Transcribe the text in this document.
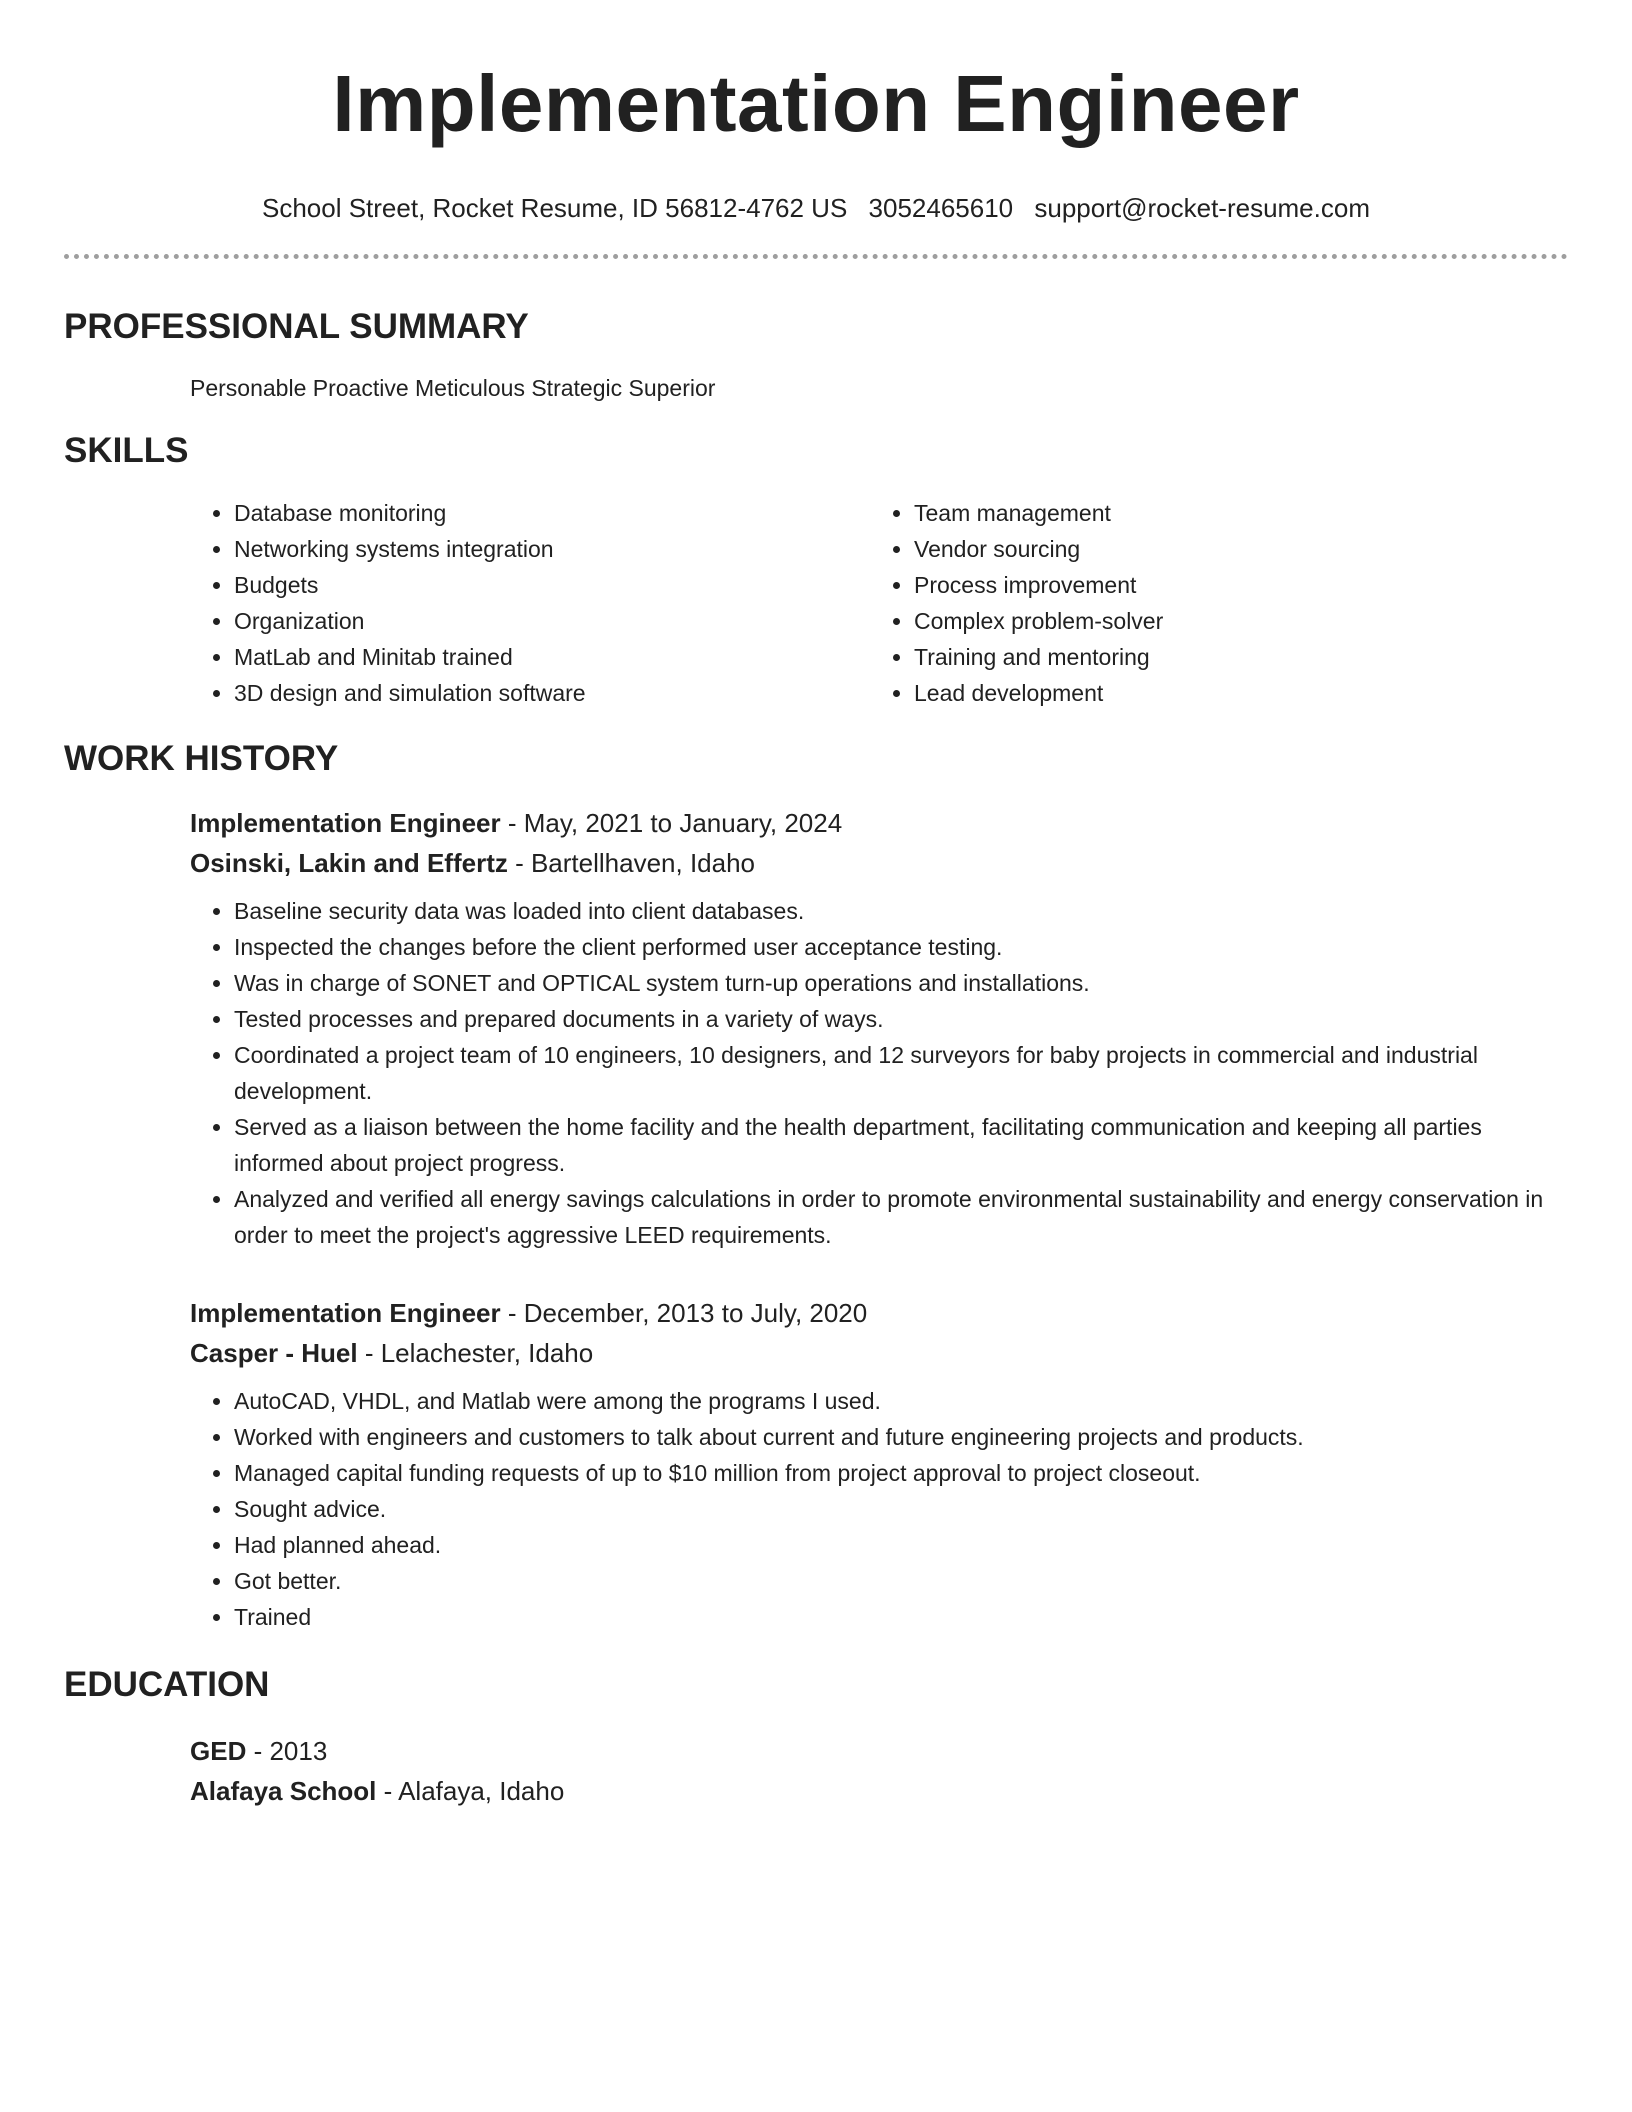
Implementation Engineer
School Street, Rocket Resume, ID 56812-4762 US 3052465610 support@rocket-resume.com
PROFESSIONAL SUMMARY
Personable Proactive Meticulous Strategic Superior
SKILLS
• Database monitoring
• Networking systems integration
• Budgets
• Organization
• MatLab and Minitab trained
• 3D design and simulation software
• Team management
• Vendor sourcing
• Process improvement
• Complex problem-solver
• Training and mentoring
• Lead development
WORK HISTORY
Implementation Engineer - May, 2021 to January, 2024
Osinski, Lakin and Effertz - Bartellhaven, Idaho
• Baseline security data was loaded into client databases.
• Inspected the changes before the client performed user acceptance testing.
• Was in charge of SONET and OPTICAL system turn-up operations and installations.
• Tested processes and prepared documents in a variety of ways.
• Coordinated a project team of 10 engineers, 10 designers, and 12 surveyors for baby projects in commercial and industrial development.
• Served as a liaison between the home facility and the health department, facilitating communication and keeping all parties informed about project progress.
• Analyzed and verified all energy savings calculations in order to promote environmental sustainability and energy conservation in order to meet the project's aggressive LEED requirements.
Implementation Engineer - December, 2013 to July, 2020
Casper - Huel - Lelachester, Idaho
• AutoCAD, VHDL, and Matlab were among the programs I used.
• Worked with engineers and customers to talk about current and future engineering projects and products.
• Managed capital funding requests of up to $10 million from project approval to project closeout.
• Sought advice.
• Had planned ahead.
• Got better.
• Trained
EDUCATION
GED - 2013
Alafaya School - Alafaya, Idaho
